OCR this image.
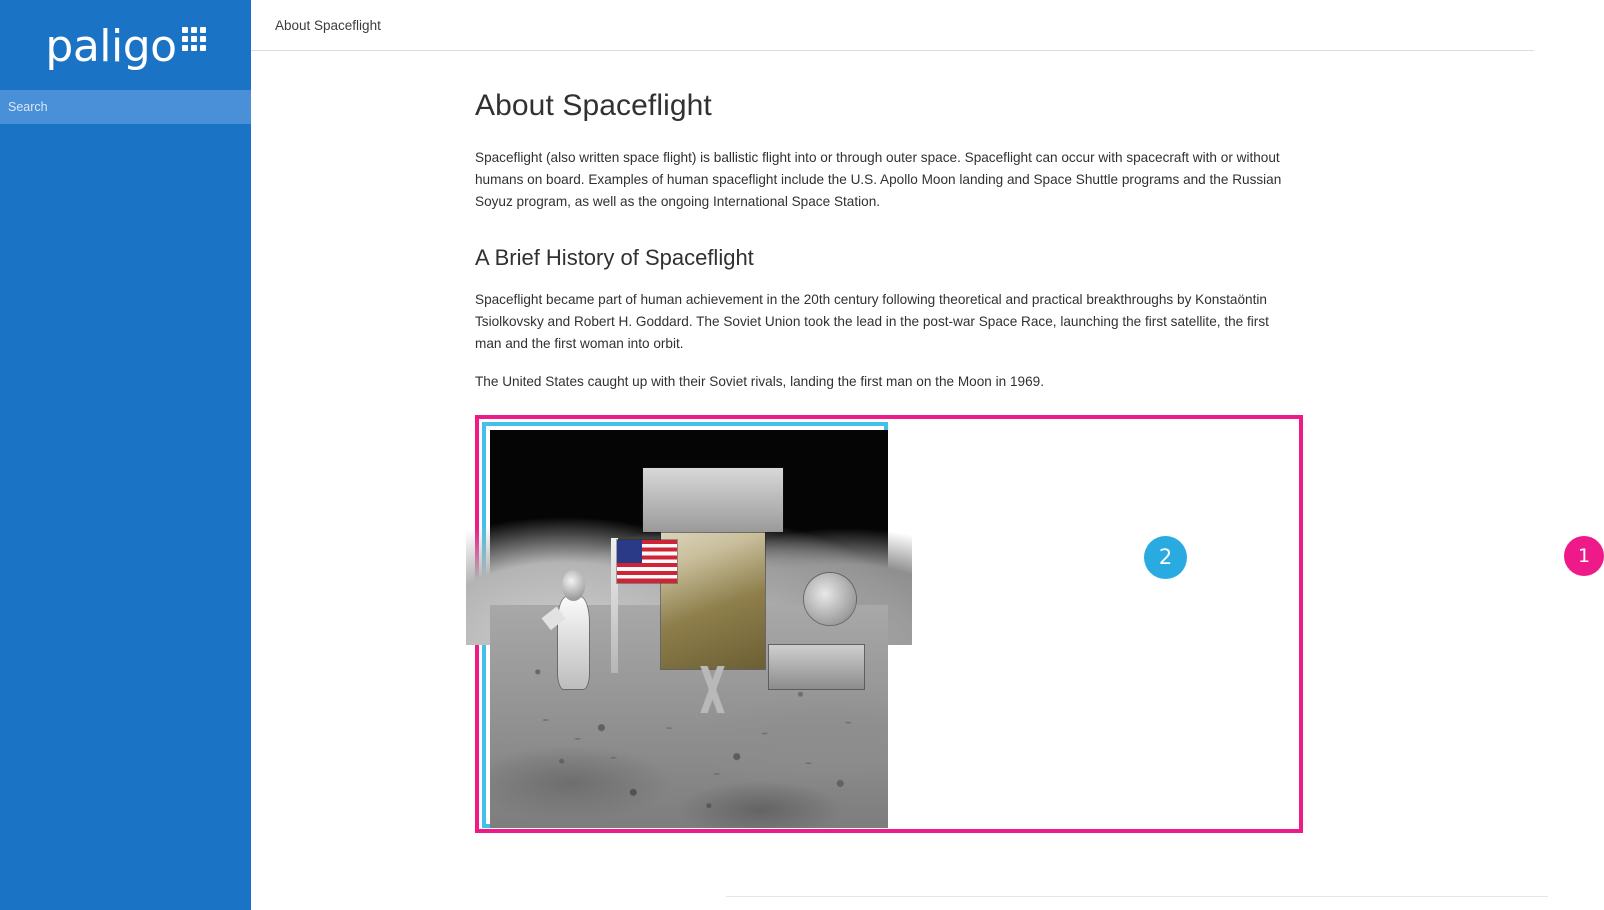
paligo
Search
About Spaceflight
About Spaceflight

Spaceflight (also written space flight) is ballistic flight into or through outer space. Spaceflight can occur with spacecraft with or without humans on board. Examples of human spaceflight include the U.S. Apollo Moon landing and Space Shuttle programs and the Russian Soyuz program, as well as the ongoing International Space Station.

A Brief History of Spaceflight

Spaceflight became part of human achievement in the 20th century following theoretical and practical breakthroughs by Konstaöntin Tsiolkovsky and Robert H. Goddard. The Soviet Union took the lead in the post-war Space Race, launching the first satellite, the first man and the first woman into orbit.

The United States caught up with their Soviet rivals, landing the first man on the Moon in 1969.

1
2
